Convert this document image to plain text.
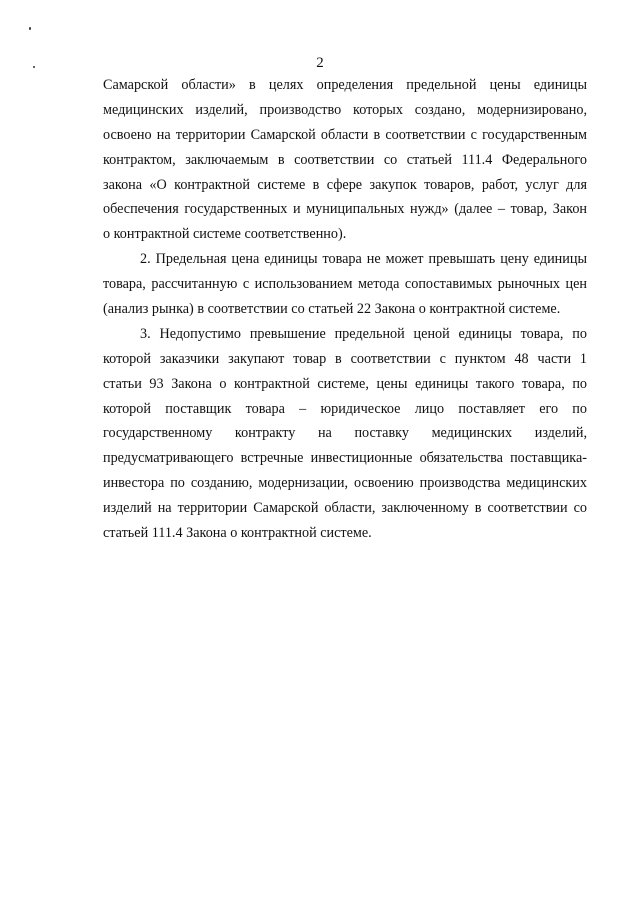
2
Самарской области» в целях определения предельной цены единицы
медицинских изделий, производство которых создано, модернизировано,
освоено на территории Самарской области в соответствии с государственным
контрактом, заключаемым в соответствии со статьей 111.4 Федерального
закона «О контрактной системе в сфере закупок товаров, работ, услуг для
обеспечения государственных и муниципальных нужд» (далее – товар, Закон
о контрактной системе соответственно).
2. Предельная цена единицы товара не может превышать цену единицы
товара, рассчитанную с использованием метода сопоставимых рыночных цен
(анализ рынка) в соответствии со статьей 22 Закона о контрактной системе.
3. Недопустимо превышение предельной ценой единицы товара, по
которой заказчики закупают товар в соответствии с пунктом 48 части 1
статьи 93 Закона о контрактной системе, цены единицы такого товара, по
которой поставщик товара – юридическое лицо поставляет его по
государственному контракту на поставку медицинских изделий,
предусматривающего встречные инвестиционные обязательства поставщика-
инвестора по созданию, модернизации, освоению производства медицинских
изделий на территории Самарской области, заключенному в соответствии со
статьей 111.4 Закона о контрактной системе.
